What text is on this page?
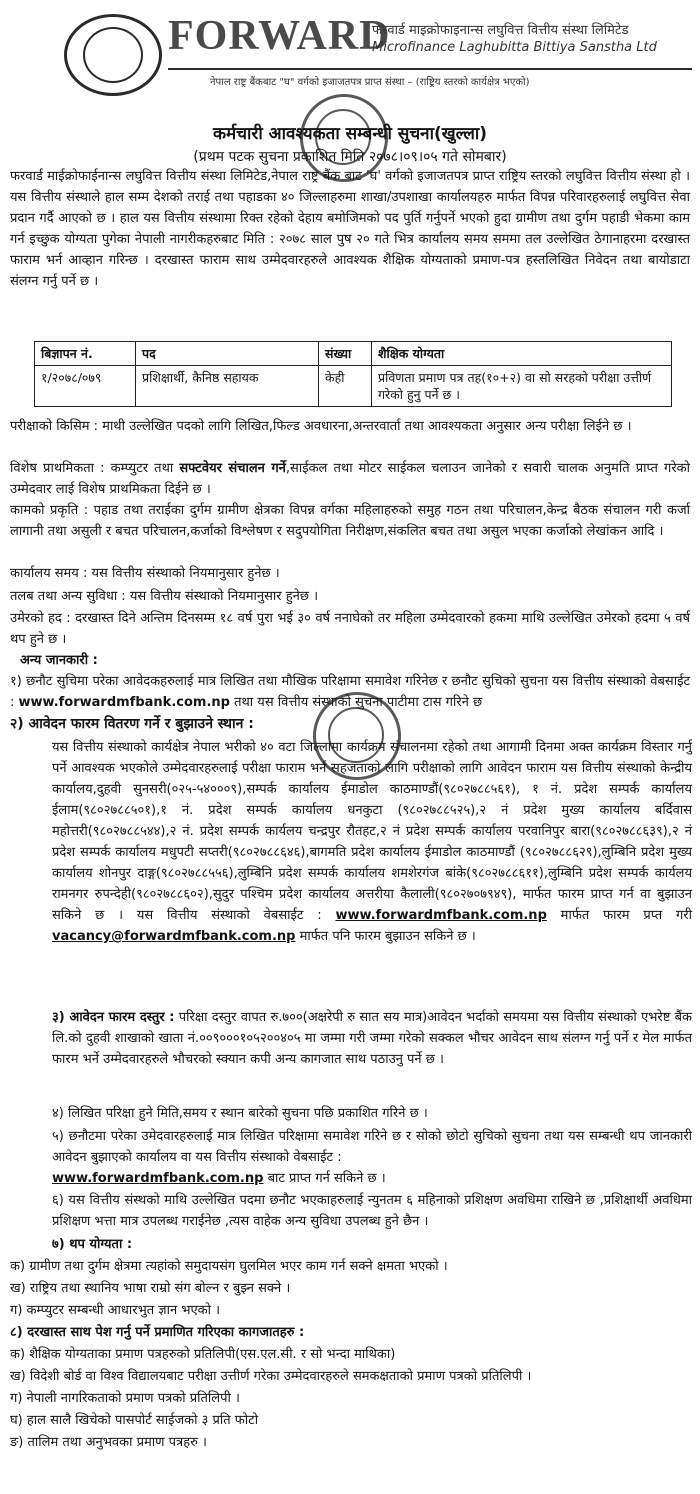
FORWARD
फरवार्ड माइक्रोफाइनान्स लघुवित्त वित्तीय संस्था लिमिटेड
Microfinance Laghubitta Bittiya Sanstha Ltd
नेपाल राष्ट्र बैंकबाट "घ" वर्गको इजाजतपत्र प्राप्त संस्था – (राष्ट्रिय स्तरको कार्यक्षेत्र भएको)
कर्मचारी आवश्यकता सम्बन्धी सुचना(खुल्ला)
(प्रथम पटक सुचना प्रकाशित मिति २०७८।०९।०५ गते सोमबार)
फरवार्ड माईक्रोफाईनान्स लघुवित्त वित्तीय संस्था लिमिटेड,नेपाल राष्ट्र बैंक बाट 'घ' वर्गको इजाजतपत्र प्राप्त राष्ट्रिय स्तरको लघुवित्त वित्तीय संस्था हो । यस वित्तीय संस्थाले हाल सम्म देशको तराई तथा पहाडका ४० जिल्लाहरुमा शाखा/उपशाखा कार्यालयहरु मार्फत विपन्न परिवारहरुलाई लघुवित्त सेवा प्रदान गर्दै आएको छ । हाल यस वित्तीय संस्थामा रिक्त रहेको देहाय बमोजिमको पद पुर्ति गर्नुपर्ने भएको हुदा ग्रामीण तथा दुर्गम पहाडी भेकमा काम गर्न इच्छुक योग्यता पुगेका नेपाली नागरीकहरुबाट मिति : २०७८ साल पुष २० गते भित्र कार्यालय समय सममा तल उल्लेखित ठेगानाहरमा दरखास्त फाराम भर्न आव्हान गरिन्छ । दरखास्त फाराम साथ उम्मेदवारहरुले आवश्यक शैक्षिक योग्यताको प्रमाण-पत्र हस्तलिखित निवेदन तथा बायोडाटा संलग्न गर्नु पर्ने छ ।
बिज्ञापन नं.	पद	संख्या	शैक्षिक योग्यता
१/२०७८/०७९	प्रशिक्षार्थी, कैनिष्ठ सहायक	केही	प्रविणता प्रमाण पत्र तह(१०+२) वा सो सरहको परीक्षा उत्तीर्ण गरेको हुनु पर्ने छ ।
परीक्षाको किसिम : माथी उल्लेखित पदको लागि लिखित,फिल्ड अवधारना,अन्तरवार्ता तथा आवश्यकता अनुसार अन्य परीक्षा लिईने छ ।
विशेष प्राथमिकता : कम्प्युटर तथा सफ्टवेयर संचालन गर्ने,साईकल तथा मोटर साईकल चलाउन जानेको र सवारी चालक अनुमति प्राप्त गरेको उम्मेदवार लाई विशेष प्राथमिकता दिईने छ ।
कामको प्रकृति : पहाड तथा तराईका दुर्गम ग्रामीण क्षेत्रका विपन्न वर्गका महिलाहरुको समुह गठन तथा परिचालन,केन्द्र बैठक संचालन गरी कर्जा लागानी तथा असुली र बचत परिचालन,कर्जाको विश्लेषण र सदुपयोगिता निरीक्षण,संकलित बचत तथा असुल भएका कर्जाको लेखांकन आदि ।
कार्यालय समय : यस वित्तीय संस्थाको नियमानुसार हुनेछ ।
तलब तथा अन्य सुविधा : यस वित्तीय संस्थाको नियमानुसार हुनेछ ।
उमेरको हद : दरखास्त दिने अन्तिम दिनसम्म १८ वर्ष पुरा भई ३० वर्ष ननाघेको तर महिला उम्मेदवारको हकमा माथि उल्लेखित उमेरको हदमा ५ वर्ष थप हुने छ ।
अन्य जानकारी :
१) छनौट सुचिमा परेका आवेदकहरुलाई मात्र लिखित तथा मौखिक परिक्षामा समावेश गरिनेछ र छनौट सुचिको सुचना यस वित्तीय संस्थाको वेबसाईट : www.forwardmfbank.com.np तथा यस वित्तीय संस्थाको सुचना पाटीमा टास गरिने छ
२) आवेदन फारम वितरण गर्ने र बुझाउने स्थान :
यस वित्तीय संस्थाको कार्यक्षेत्र नेपाल भरीको ४० वटा जिल्लामा कार्यक्रम संचालनमा रहेको तथा आगामी दिनमा अक्त कार्यक्रम विस्तार गर्नु पर्ने आवश्यक भएकोले उम्मेदवारहरुलाई परीक्षा फाराम भर्न सहजताको लागि परीक्षाको लागि आवेदन फाराम यस वित्तीय संस्थाको केन्द्रीय कार्यालय,दुहवी सुनसरी(०२५-५४०००९),सम्पर्क कार्यालय ईमाडोल काठमाण्डौं(९८०२७८८५६१), १ नं. प्रदेश सम्पर्क कार्यालय ईलाम(९८०२७८८५०१),१ नं. प्रदेश सम्पर्क कार्यालय धनकुटा (९८०२७८८५२५),२ नं प्रदेश मुख्य कार्यालय बर्दिवास महोत्तरी(९८०२७८८५४४),२ नं. प्रदेश सम्पर्क कार्यलय चन्द्रपुर रौतहट,२ नं प्रदेश सम्पर्क कार्यालय परवानिपुर बारा(९८०२७८८६३९),२ नं प्रदेश सम्पर्क कार्यालय मधुपटी सप्तरी(९८०२७८८६४६),बागमति प्रदेश कार्यालय ईमाडोल काठमाण्डौं (९८०२७८८६२९),लुम्बिनि प्रदेश मुख्य कार्यालय शोनपुर दाङ्ग(९८०२७८८५५६),लुम्बिनि प्रदेश सम्पर्क कार्यालय शमशेरगंज बांके(९८०२७८८६११),लुम्बिनि प्रदेश सम्पर्क कार्यलय रामनगर रुपन्देही(९८०२७८८६०२),सुदुर पश्चिम प्रदेश कार्यालय अत्तरीया कैलाली(९८०२७०७९४९), मार्फत फारम प्राप्त गर्न वा बुझाउन सकिने छ । यस वित्तीय संस्थाको वेबसाईट : www.forwardmfbank.com.np मार्फत फारम प्रप्त गरी vacancy@forwardmfbank.com.np मार्फत पनि फारम बुझाउन सकिने छ ।
३) आवेदन फारम दस्तुर : परिक्षा दस्तुर वापत रु.७००(अक्षरेपी रु सात सय मात्र)आवेदन भर्दाको समयमा यस वित्तीय संस्थाको एभरेष्ट बैंक लि.को दुहवी शाखाको खाता नं.००९०००१०५२००४०५ मा जम्मा गरी जम्मा गरेको सक्कल भौचर आवेदन साथ संलग्न गर्नु पर्ने र मेल मार्फत फारम भर्ने उम्मेदवारहरुले भौचरको स्क्यान कपी अन्य कागजात साथ पठाउनु पर्ने छ ।
४) लिखित परिक्षा हुने मिति,समय र स्थान बारेको सुचना पछि प्रकाशित गरिने छ ।
५) छनौटमा परेका उमेदवारहरुलाई मात्र लिखित परिक्षामा समावेश गरिने छ र सोको छोटो सुचिको सुचना तथा यस सम्बन्धी थप जानकारी आवेदन बुझाएको कार्यालय वा यस वित्तीय संस्थाको वेबसाईट :
www.forwardmfbank.com.np बाट प्राप्त गर्न सकिने छ ।
६) यस वित्तीय संस्थको माथि उल्लेखित पदमा छनौट भएकाहरुलाई न्युनतम ६ महिनाको प्रशिक्षण अवधिमा राखिने छ ,प्रशिक्षार्थी अवधिमा प्रशिक्षण भत्ता मात्र उपलब्ध गराईनेछ ,त्यस वाहेक अन्य सुविधा उपलब्ध हुने छैन ।
७) थप योग्यता :
क) ग्रामीण तथा दुर्गम क्षेत्रमा त्यहांको समुदायसंग घुलमिल भएर काम गर्न सक्ने क्षमता भएको ।
ख) राष्ट्रिय तथा स्थानिय भाषा राम्रो संग बोल्न र बुझ्न सक्ने ।
ग) कम्प्युटर सम्बन्धी आधारभुत ज्ञान भएको ।
८) दरखास्त साथ पेश गर्नु पर्ने प्रमाणित गरिएका कागजातहरु :
क) शैक्षिक योग्यताका प्रमाण पत्रहरुको प्रतिलिपी(एस.एल.सी. र सो भन्दा माथिका)
ख) विदेशी बोर्ड वा विश्व विद्यालयबाट परीक्षा उत्तीर्ण गरेका उम्मेदवारहरुले समकक्षताको प्रमाण पत्रको प्रतिलिपी ।
ग) नेपाली नागरिकताको प्रमाण पत्रको प्रतिलिपी ।
घ) हाल सालै खिचेको पासपोर्ट साईजको ३ प्रति फोटो
ङ) तालिम तथा अनुभवका प्रमाण पत्रहरु ।
